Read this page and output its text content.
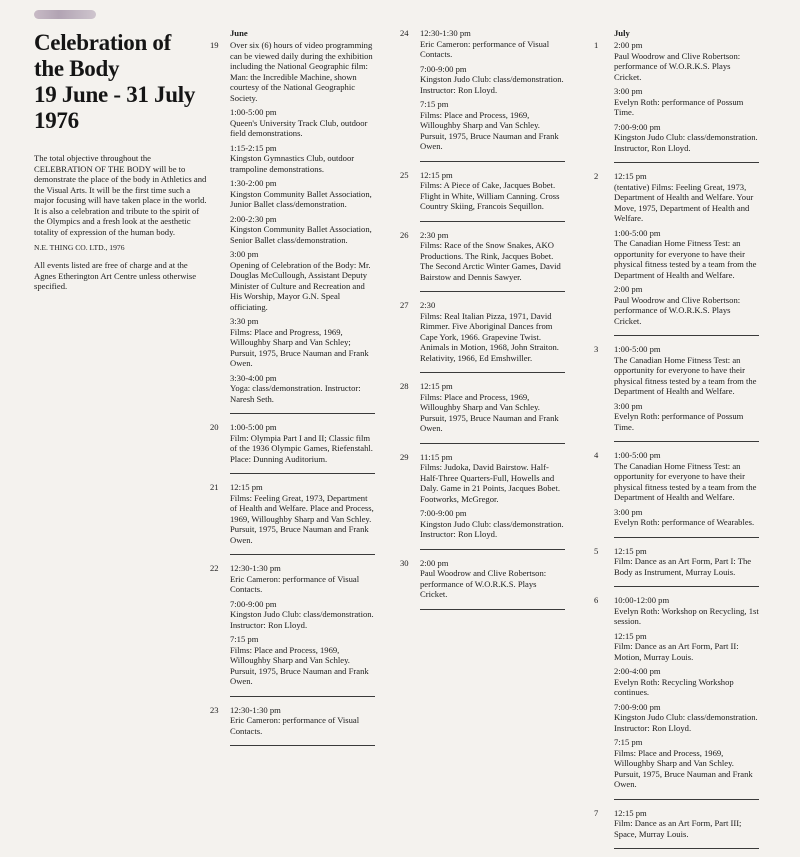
Celebration of
the Body
19 June - 31 July
1976
The total objective throughout the CELEBRATION OF THE BODY will be to demonstrate the place of the body in Athletics and the Visual Arts. It will be the first time such a major focusing will have taken place in the world. It is also a celebration and tribute to the spirit of the Olympics and a fresh look at the aesthetic totality of expression of the human body.
N.E. THING CO. LTD., 1976
All events listed are free of charge and at the Agnes Etherington Art Centre unless otherwise specified.
June
19	Over six (6) hours of video programming can be viewed daily during the exhibition including the National Geographic film: Man: the Incredible Machine, shown courtesy of the National Geographic Society.
1:00-5:00 pm
Queen's University Track Club, outdoor field demonstrations.
1:15-2:15 pm
Kingston Gymnastics Club, outdoor trampoline demonstrations.
1:30-2:00 pm
Kingston Community Ballet Association, Junior Ballet class/demonstration.
2:00-2:30 pm
Kingston Community Ballet Association, Senior Ballet class/demonstration.
3:00 pm
Opening of Celebration of the Body: Mr. Douglas McCullough, Assistant Deputy Minister of Culture and Recreation and His Worship, Mayor G.N. Speal officiating.
3:30 pm
Films: Place and Progress, 1969, Willoughby Sharp and Van Schley; Pursuit, 1975, Bruce Nauman and Frank Owen.
3:30-4:00 pm
Yoga: class/demonstration. Instructor: Naresh Seth.
20	1:00-5:00 pm
Film: Olympia Part I and II; Classic film of the 1936 Olympic Games, Riefenstahl. Place: Dunning Auditorium.
21	12:15 pm
Films: Feeling Great, 1973, Department of Health and Welfare. Place and Process, 1969, Willoughby Sharp and Van Schley. Pursuit, 1975, Bruce Nauman and Frank Owen.
22	12:30-1:30 pm
Eric Cameron: performance of Visual Contacts.
7:00-9:00 pm
Kingston Judo Club: class/demonstration. Instructor: Ron Lloyd.
7:15 pm
Films: Place and Process, 1969, Willoughby Sharp and Van Schley. Pursuit, 1975, Bruce Nauman and Frank Owen.
23	12:30-1:30 pm
Eric Cameron: performance of Visual Contacts.
24	12:30-1:30 pm
Eric Cameron: performance of Visual Contacts.
7:00-9:00 pm
Kingston Judo Club: class/demonstration. Instructor: Ron Lloyd.
7:15 pm
Films: Place and Process, 1969, Willoughby Sharp and Van Schley. Pursuit, 1975, Bruce Nauman and Frank Owen.
25	12:15 pm
Films: A Piece of Cake, Jacques Bobet. Flight in White, William Canning. Cross Country Skiing, Francois Sequillon.
26	2:30 pm
Films: Race of the Snow Snakes, AKO Productions. The Rink, Jacques Bobet. The Second Arctic Winter Games, David Bairstow and Dennis Sawyer.
27	2:30
Films: Real Italian Pizza, 1971, David Rimmer. Five Aboriginal Dances from Cape York, 1966. Grapevine Twist. Animals in Motion, 1968, John Straiton. Relativity, 1966, Ed Emshwiller.
28	12:15 pm
Films: Place and Process, 1969, Willoughby Sharp and Van Schley. Pursuit, 1975, Bruce Nauman and Frank Owen.
29	11:15 pm
Films: Judoka, David Bairstow. Half-Half-Three Quarters-Full, Howells and Daly. Game in 21 Points, Jacques Bobet. Footworks, McGregor.
7:00-9:00 pm
Kingston Judo Club: class/demonstration. Instructor: Ron Lloyd.
30	2:00 pm
Paul Woodrow and Clive Robertson: performance of W.O.R.K.S. Plays Cricket.
July
1	2:00 pm
Paul Woodrow and Clive Robertson: performance of W.O.R.K.S. Plays Cricket.
3:00 pm
Evelyn Roth: performance of Possum Time.
7:00-9:00 pm
Kingston Judo Club: class/demonstration. Instructor, Ron Lloyd.
2	12:15 pm
(tentative) Films: Feeling Great, 1973, Department of Health and Welfare. Your Move, 1975, Department of Health and Welfare.
1:00-5:00 pm
The Canadian Home Fitness Test: an opportunity for everyone to have their physical fitness tested by a team from the Department of Health and Welfare.
2:00 pm
Paul Woodrow and Clive Robertson: performance of W.O.R.K.S. Plays Cricket.
3	1:00-5:00 pm
The Canadian Home Fitness Test: an opportunity for everyone to have their physical fitness tested by a team from the Department of Health and Welfare.
3:00 pm
Evelyn Roth: performance of Possum Time.
4	1:00-5:00 pm
The Canadian Home Fitness Test: an opportunity for everyone to have their physical fitness tested by a team from the Department of Health and Welfare.
3:00 pm
Evelyn Roth: performance of Wearables.
5	12:15 pm
Film: Dance as an Art Form, Part I: The Body as Instrument, Murray Louis.
6	10:00-12:00 pm
Evelyn Roth: Workshop on Recycling, 1st session.
12:15 pm
Film: Dance as an Art Form, Part II: Motion, Murray Louis.
2:00-4:00 pm
Evelyn Roth: Recycling Workshop continues.
7:00-9:00 pm
Kingston Judo Club: class/demonstration. Instructor: Ron Lloyd.
7:15 pm
Films: Place and Process, 1969, Willoughby Sharp and Van Schley. Pursuit, 1975, Bruce Nauman and Frank Owen.
7	12:15 pm
Film: Dance as an Art Form, Part III; Space, Murray Louis.
